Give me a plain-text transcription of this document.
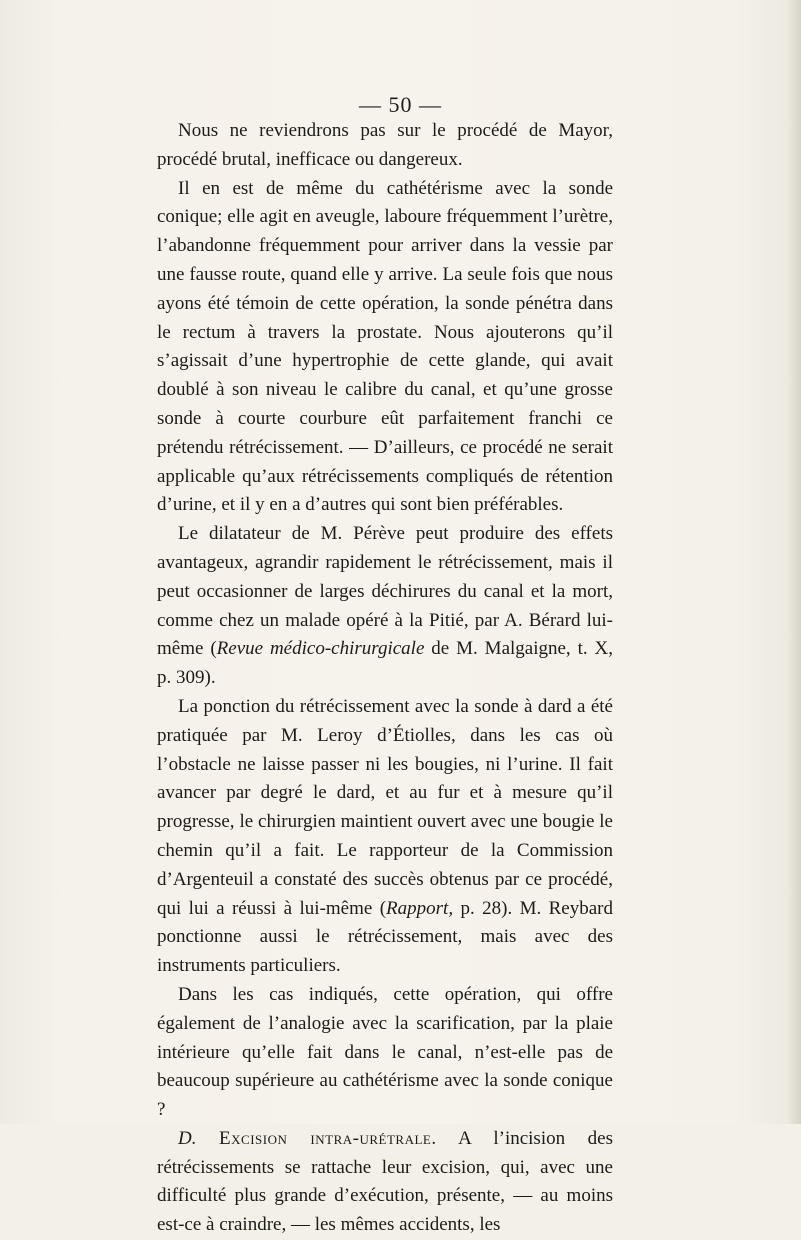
— 50 —

Nous ne reviendrons pas sur le procédé de Mayor, procédé brutal, inefficace ou dangereux.

Il en est de même du cathétérisme avec la sonde conique; elle agit en aveugle, laboure fréquemment l’urètre, l’abandonne fréquemment pour arriver dans la vessie par une fausse route, quand elle y arrive. La seule fois que nous ayons été témoin de cette opération, la sonde pénétra dans le rectum à travers la prostate. Nous ajouterons qu’il s’agissait d’une hypertrophie de cette glande, qui avait doublé à son niveau le calibre du canal, et qu’une grosse sonde à courte courbure eût parfaitement franchi ce prétendu rétrécissement. — D’ailleurs, ce procédé ne serait applicable qu’aux rétrécissements compliqués de rétention d’urine, et il y en a d’autres qui sont bien préférables.

Le dilatateur de M. Pérève peut produire des effets avantageux, agrandir rapidement le rétrécissement, mais il peut occasionner de larges déchirures du canal et la mort, comme chez un malade opéré à la Pitié, par A. Bérard lui-même (Revue médico-chirurgicale de M. Malgaigne, t. X, p. 309).

La ponction du rétrécissement avec la sonde à dard a été pratiquée par M. Leroy d’Étiolles, dans les cas où l’obstacle ne laisse passer ni les bougies, ni l’urine. Il fait avancer par degré le dard, et au fur et à mesure qu’il progresse, le chirurgien maintient ouvert avec une bougie le chemin qu’il a fait. Le rapporteur de la Commission d’Argenteuil a constaté des succès obtenus par ce procédé, qui lui a réussi à lui-même (Rapport, p. 28). M. Reybard ponctionne aussi le rétrécissement, mais avec des instruments particuliers.

Dans les cas indiqués, cette opération, qui offre également de l’analogie avec la scarification, par la plaie intérieure qu’elle fait dans le canal, n’est-elle pas de beaucoup supérieure au cathétérisme avec la sonde conique ?

D. Excision intra-urétrale. A l’incision des rétrécissements se rattache leur excision, qui, avec une difficulté plus grande d’exécution, présente, — au moins est-ce à craindre, — les mêmes accidents, les
